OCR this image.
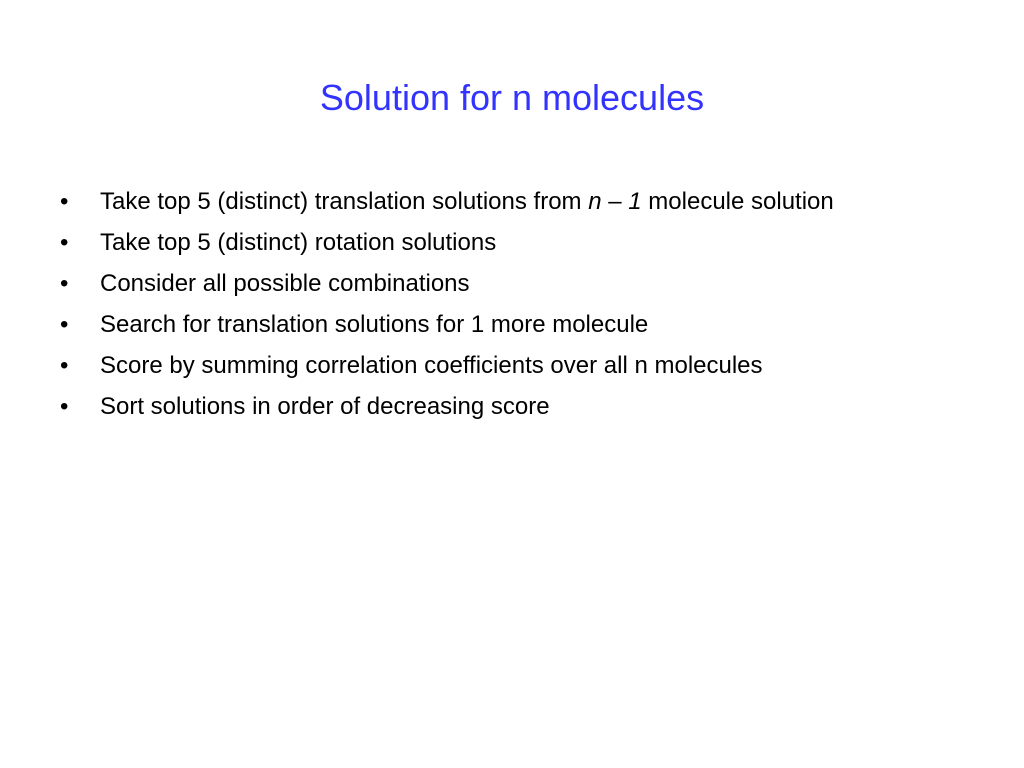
Solution for n molecules
•	Take top 5 (distinct) translation solutions from n – 1 molecule solution
•	Take top 5 (distinct) rotation solutions
•	Consider all possible combinations
•	Search for translation solutions for 1 more molecule
•	Score by summing correlation coefficients over all n molecules
•	Sort solutions in order of decreasing score
